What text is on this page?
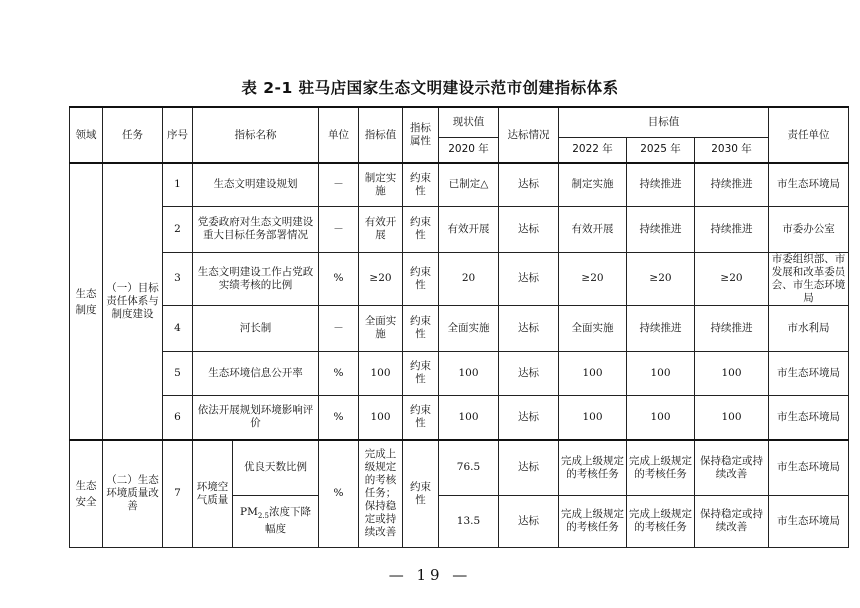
表 2-1 驻马店国家生态文明建设示范市创建指标体系
领域	任务	序号	指标名称		单位	指标值	指标属性	现状值	达标情况	目标值			责任单位
								2020 年		2022 年	2025 年	2030 年	
生态制度	（一）目标责任体系与制度建设	1	生态文明建设规划		－	制定实施	约束性	已制定△	达标	制定实施	持续推进	持续推进	市生态环境局
		2	党委政府对生态文明建设重大目标任务部署情况		－	有效开展	约束性	有效开展	达标	有效开展	持续推进	持续推进	市委办公室
		3	生态文明建设工作占党政实绩考核的比例		%	≥20	约束性	20	达标	≥20	≥20	≥20	市委组织部、市发展和改革委员会、市生态环境局
		4	河长制		－	全面实施	约束性	全面实施	达标	全面实施	持续推进	持续推进	市水利局
		5	生态环境信息公开率		%	100	约束性	100	达标	100	100	100	市生态环境局
		6	依法开展规划环境影响评价		%	100	约束性	100	达标	100	100	100	市生态环境局
生态安全	（二）生态环境质量改善	7	环境空气质量	优良天数比例	%	完成上级规定的考核任务；保持稳定或持续改善	约束性	76.5	达标	完成上级规定的考核任务	完成上级规定的考核任务	保持稳定或持续改善	市生态环境局
				$PM_{2.5}$浓度下降幅度				13.5	达标	完成上级规定的考核任务	完成上级规定的考核任务	保持稳定或持续改善	市生态环境局
— 19 —
